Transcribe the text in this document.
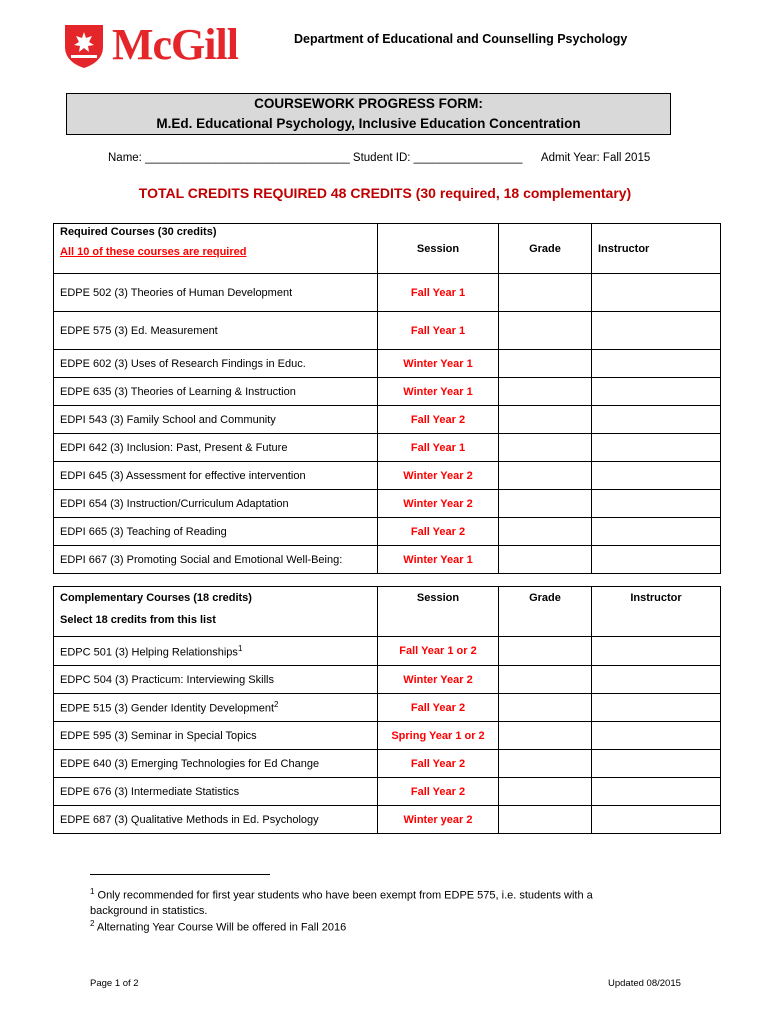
McGill	Department of Educational and Counselling Psychology
COURSEWORK PROGRESS FORM:
M.Ed. Educational Psychology, Inclusive Education Concentration
Name: ________________________________ Student ID: _________________      Admit Year: Fall 2015
TOTAL CREDITS REQUIRED 48 CREDITS (30 required, 18 complementary)
Required Courses (30 credits)
All 10 of these courses are required	Session	Grade	Instructor
EDPE 502 (3) Theories of Human Development	Fall Year 1		
EDPE 575 (3) Ed. Measurement	Fall Year 1		
EDPE 602 (3) Uses of Research Findings in Educ.	Winter Year 1		
EDPE 635 (3) Theories of Learning & Instruction	Winter Year 1		
EDPI 543 (3) Family School and Community	Fall Year 2		
EDPI 642 (3) Inclusion: Past, Present & Future	Fall Year 1		
EDPI 645 (3) Assessment for effective intervention	Winter Year 2		
EDPI 654 (3) Instruction/Curriculum Adaptation	Winter Year 2		
EDPI 665 (3) Teaching of Reading	Fall Year 2		
EDPI 667 (3) Promoting Social and Emotional Well-Being:	Winter Year 1		
Complementary Courses (18 credits)
Select 18 credits from this list	Session	Grade	Instructor
EDPC 501 (3) Helping Relationships$^1$	Fall Year 1 or 2		
EDPC 504 (3) Practicum: Interviewing Skills	Winter Year 2		
EDPE 515 (3) Gender Identity Development$^2$	Fall Year 2		
EDPE 595 (3) Seminar in Special Topics	Spring Year 1 or 2		
EDPE 640 (3) Emerging Technologies for Ed Change	Fall Year 2		
EDPE 676 (3) Intermediate Statistics	Fall Year 2		
EDPE 687 (3) Qualitative Methods in Ed. Psychology	Winter year 2		
$^1$ Only recommended for first year students who have been exempt from EDPE 575, i.e. students with a background in statistics.
$^2$ Alternating Year Course Will be offered in Fall 2016
Page 1 of 2	Updated 08/2015
